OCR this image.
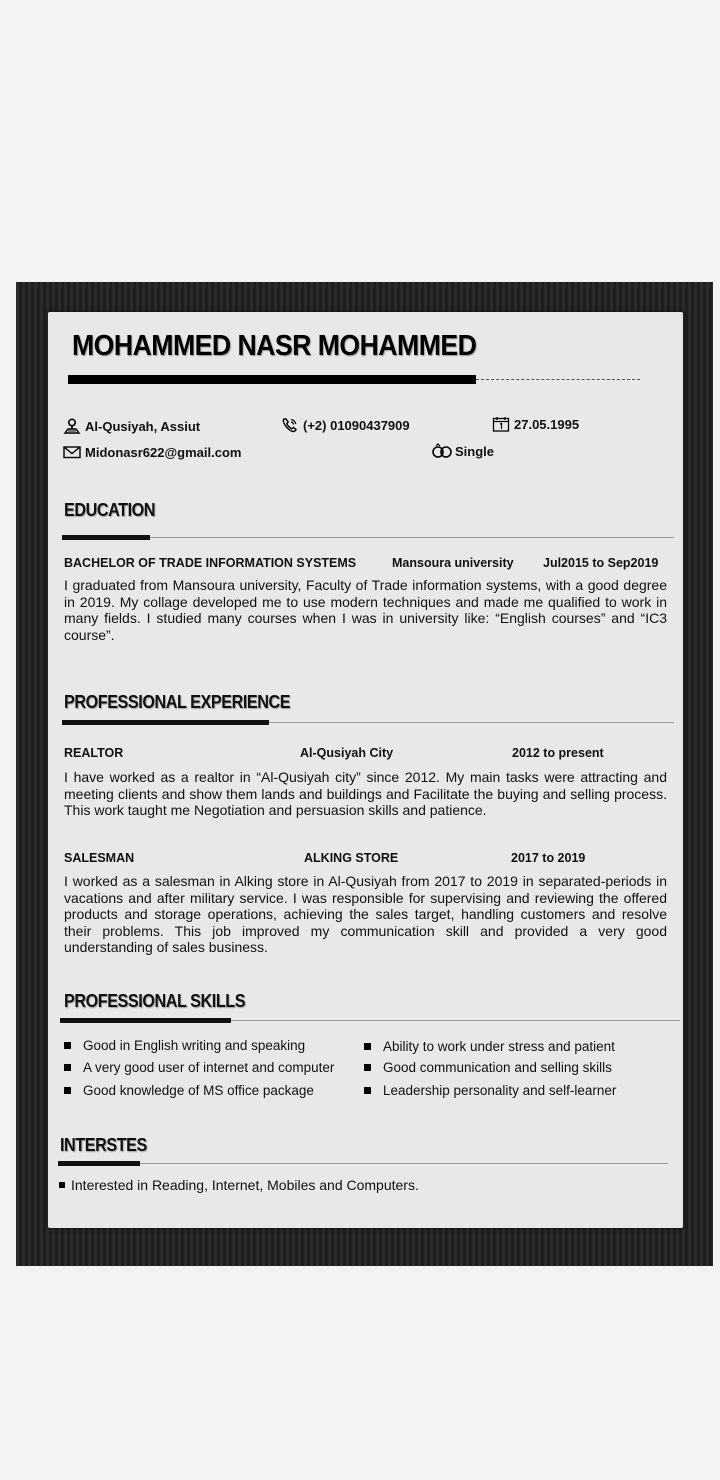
MOHAMMED NASR MOHAMMED
Al-Qusiyah, Assiut	(+2) 01090437909	27.05.1995
Midonasr622@gmail.com	Single
EDUCATION
BACHELOR OF TRADE INFORMATION SYSTEMS	Mansoura university Jul2015 to Sep2019

I graduated from Mansoura university, Faculty of Trade information systems, with a good degree in 2019. My collage developed me to use modern techniques and made me qualified to work in many fields. I studied many courses when I was in university like: “English courses” and “IC3 course”.

PROFESSIONAL EXPERIENCE
REALTOR	Al-Qusiyah City	2012 to present

I have worked as a realtor in “Al-Qusiyah city” since 2012. My main tasks were attracting and meeting clients and show them lands and buildings and Facilitate the buying and selling process. This work taught me Negotiation and persuasion skills and patience.

SALESMAN	ALKING STORE	2017 to 2019

I worked as a salesman in Alking store in Al-Qusiyah from 2017 to 2019 in separated-periods in vacations and after military service. I was responsible for supervising and reviewing the offered products and storage operations, achieving the sales target, handling customers and resolve their problems. This job improved my communication skill and provided a very good understanding of sales business.

PROFESSIONAL SKILLS
Good in English writing and speaking
A very good user of internet and computer
Good knowledge of MS office package
Ability to work under stress and patient
Good communication and selling skills
Leadership personality and self-learner
INTERSTES
Interested in Reading, Internet, Mobiles and Computers.
